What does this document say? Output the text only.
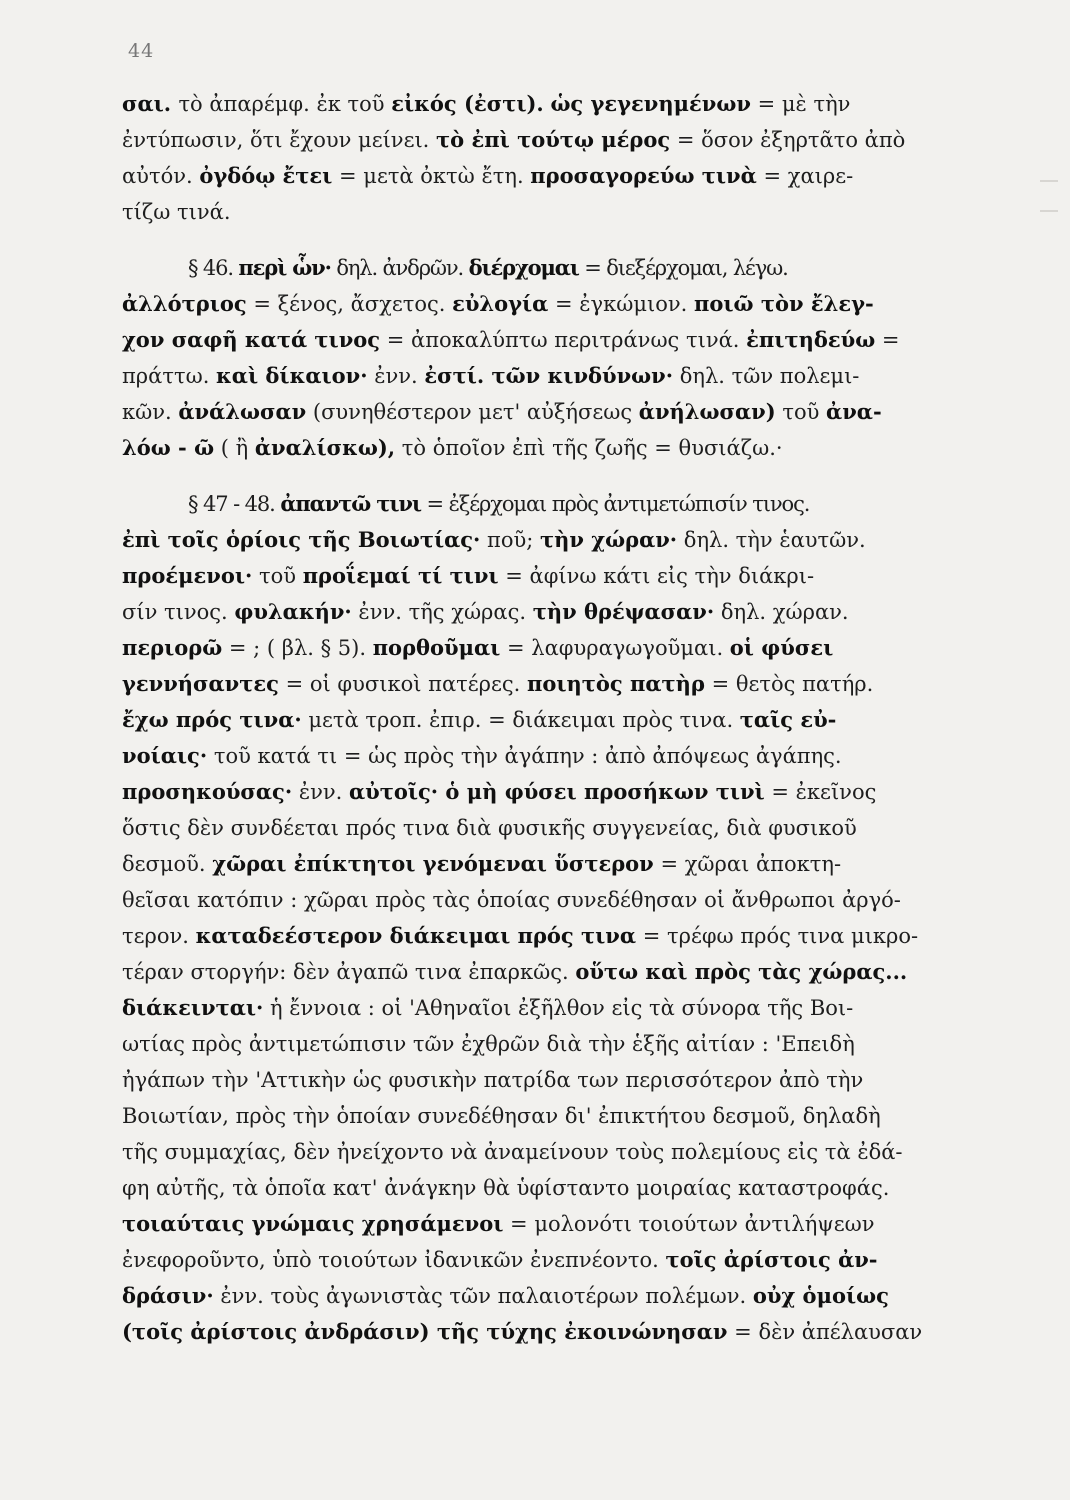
44

σαι. τὸ ἀπαρέμφ. ἐκ τοῦ εἰκός (ἐστι). ὡς γεγενημένων = μὲ τὴν
ἐντύπωσιν, ὅτι ἔχουν μείνει. τὸ ἐπὶ τούτῳ μέρος = ὅσον ἐξηρτᾶτο ἀπὸ
αὐτόν. ὀγδόῳ ἔτει = μετὰ ὀκτὼ ἔτη. προσαγορεύω τινὰ = χαιρε-
τίζω τινά.

§ 46. περὶ ὧν· δηλ. ἀνδρῶν. διέρχομαι = διεξέρχομαι, λέγω.
ἀλλότριος = ξένος, ἄσχετος. εὐλογία = ἐγκώμιον. ποιῶ τὸν ἔλεγ-
χον σαφῆ κατά τινος = ἀποκαλύπτω περιτράνως τινά. ἐπιτηδεύω =
πράττω. καὶ δίκαιον· ἐνν. ἐστί. τῶν κινδύνων· δηλ. τῶν πολεμι-
κῶν. ἀνάλωσαν (συνηθέστερον μετ' αὐξήσεως ἀνήλωσαν) τοῦ ἀνα-
λόω - ῶ ( ἢ ἀναλίσκω), τὸ ὁποῖον ἐπὶ τῆς ζωῆς = θυσιάζω.·

§ 47 - 48. ἀπαντῶ τινι = ἐξέρχομαι πρὸς ἀντιμετώπισίν τινος.
ἐπὶ τοῖς ὁρίοις τῆς Βοιωτίας· ποῦ; τὴν χώραν· δηλ. τὴν ἑαυτῶν.
προέμενοι· τοῦ προΐεμαί τί τινι = ἀφίνω κάτι εἰς τὴν διάκρι-
σίν τινος. φυλακήν· ἐνν. τῆς χώρας. τὴν θρέψασαν· δηλ. χώραν.
περιορῶ = ; ( βλ. § 5). πορθοῦμαι = λαφυραγωγοῦμαι. οἱ φύσει
γεννήσαντες = οἱ φυσικοὶ πατέρες. ποιητὸς πατὴρ = θετὸς πατήρ.
ἔχω πρός τινα· μετὰ τροπ. ἐπιρ. = διάκειμαι πρὸς τινα. ταῖς εὐ-
νοίαις· τοῦ κατά τι = ὡς πρὸς τὴν ἀγάπην : ἀπὸ ἀπόψεως ἀγάπης.
προσηκούσας· ἐνν. αὐτοῖς· ὁ μὴ φύσει προσήκων τινὶ = ἐκεῖνος
ὅστις δὲν συνδέεται πρός τινα διὰ φυσικῆς συγγενείας, διὰ φυσικοῦ
δεσμοῦ. χῶραι ἐπίκτητοι γενόμεναι ὕστερον = χῶραι ἀποκτη-
θεῖσαι κατόπιν : χῶραι πρὸς τὰς ὁποίας συνεδέθησαν οἱ ἄνθρωποι ἀργό-
τερον. καταδεέστερον διάκειμαι πρός τινα = τρέφω πρός τινα μικρο-
τέραν στοργήν: δὲν ἀγαπῶ τινα ἐπαρκῶς. οὕτω καὶ πρὸς τὰς χώρας...
διάκεινται· ἡ ἔννοια : οἱ 'Αθηναῖοι ἐξῆλθον εἰς τὰ σύνορα τῆς Βοι-
ωτίας πρὸς ἀντιμετώπισιν τῶν ἐχθρῶν διὰ τὴν ἑξῆς αἰτίαν : 'Επειδὴ
ἠγάπων τὴν 'Αττικὴν ὡς φυσικὴν πατρίδα των περισσότερον ἀπὸ τὴν
Βοιωτίαν, πρὸς τὴν ὁποίαν συνεδέθησαν δι' ἐπικτήτου δεσμοῦ, δηλαδὴ
τῆς συμμαχίας, δὲν ἠνείχοντο νὰ ἀναμείνουν τοὺς πολεμίους εἰς τὰ ἐδά-
φη αὐτῆς, τὰ ὁποῖα κατ' ἀνάγκην θὰ ὑφίσταντο μοιραίας καταστροφάς.
τοιαύταις γνώμαις χρησάμενοι = μολονότι τοιούτων ἀντιλήψεων
ἐνεφοροῦντο, ὑπὸ τοιούτων ἰδανικῶν ἐνεπνέοντο. τοῖς ἀρίστοις ἀν-
δράσιν· ἐνν. τοὺς ἀγωνιστὰς τῶν παλαιοτέρων πολέμων. οὐχ ὁμοίως
(τοῖς ἀρίστοις ἀνδράσιν) τῆς τύχης ἐκοινώνησαν = δὲν ἀπέλαυσαν
